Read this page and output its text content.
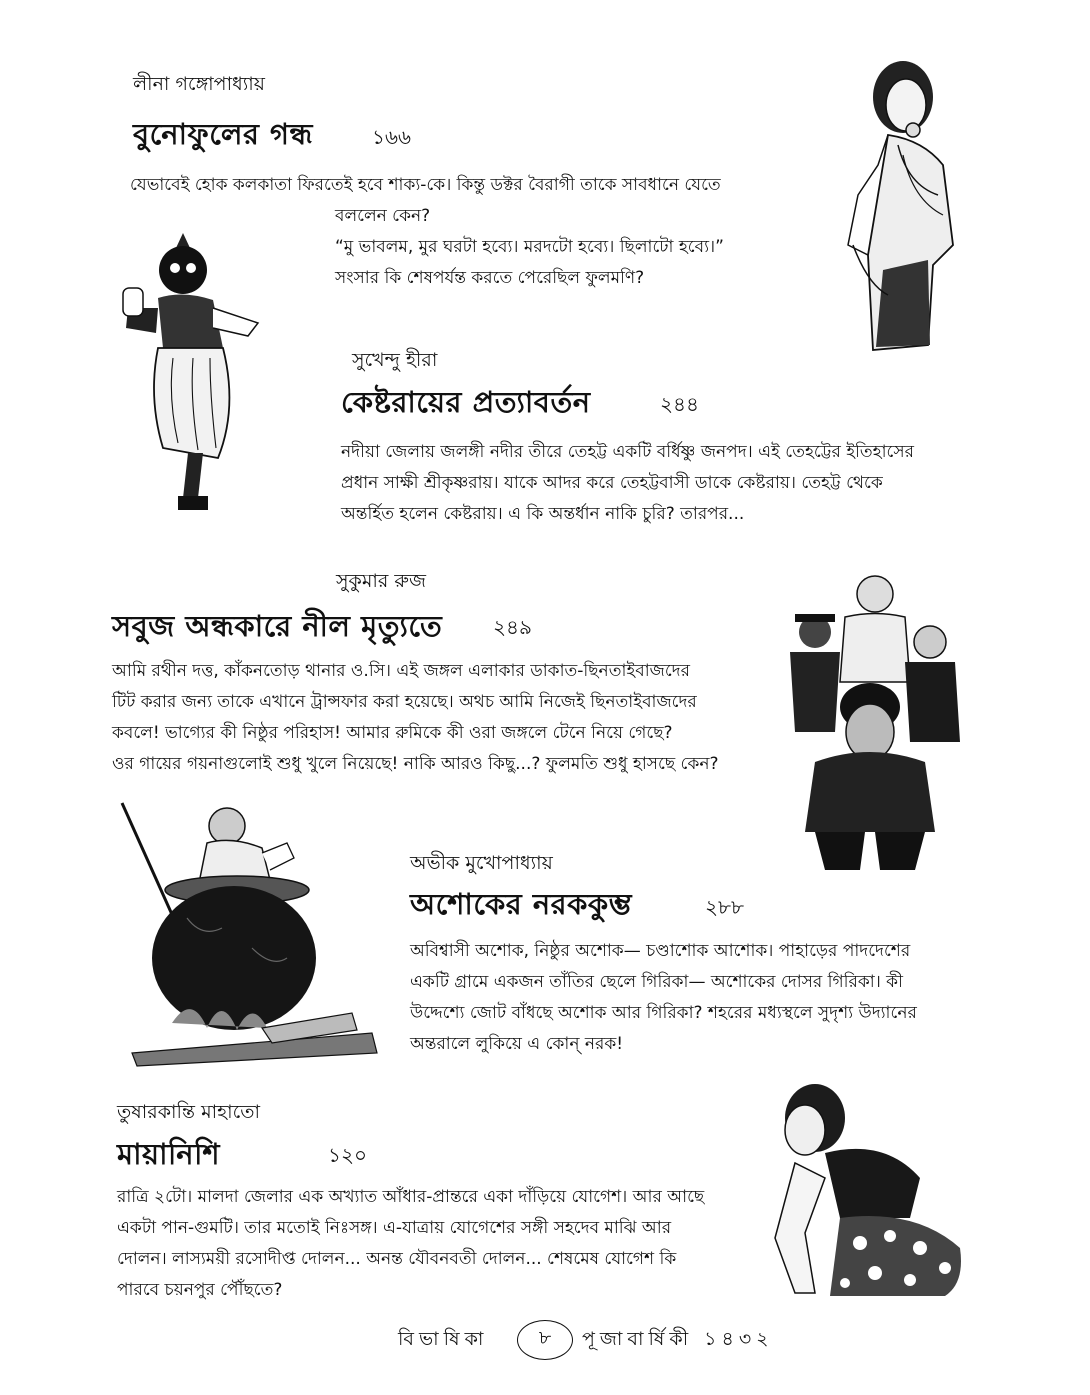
লীনা গঙ্গোপাধ্যায়
বুনোফুলের গন্ধ	১৬৬

যেভাবেই হোক কলকাতা ফিরতেই হবে শাক্য-কে। কিন্তু ডক্টর বৈরাগী তাকে সাবধানে যেতে

বললেন কেন?

“মু ভাবলম, মুর ঘরটা হব্যে। মরদটো হব্যে। ছিলাটো হব্যে।”

সংসার কি শেষপর্যন্ত করতে পেরেছিল ফুলমণি?

সুখেন্দু হীরা
কেষ্টরায়ের প্রত্যাবর্তন	২৪৪

নদীয়া জেলায় জলঙ্গী নদীর তীরে তেহট্ট একটি বর্ধিষ্ণু জনপদ। এই তেহট্টের ইতিহাসের

প্রধান সাক্ষী শ্রীকৃষ্ণরায়। যাকে আদর করে তেহট্টবাসী ডাকে কেষ্টরায়। তেহট্ট থেকে

অন্তর্হিত হলেন কেষ্টরায়। এ কি অন্তর্ধান নাকি চুরি? তারপর...

সুকুমার রুজ
সবুজ অন্ধকারে নীল মৃত্যুতে	২৪৯

আমি রথীন দত্ত, কাঁকনতোড় থানার ও.সি। এই জঙ্গল এলাকার ডাকাত-ছিনতাইবাজদের

টিট করার জন্য তাকে এখানে ট্রান্সফার করা হয়েছে। অথচ আমি নিজেই ছিনতাইবাজদের

কবলে! ভাগ্যের কী নিষ্ঠুর পরিহাস! আমার রুমিকে কী ওরা জঙ্গলে টেনে নিয়ে গেছে?

ওর গায়ের গয়নাগুলোই শুধু খুলে নিয়েছে! নাকি আরও কিছু...? ফুলমতি শুধু হাসছে কেন?

অভীক মুখোপাধ্যায়
অশোকের নরককুম্ভ	২৮৮

অবিশ্বাসী অশোক, নিষ্ঠুর অশোক— চণ্ডাশোক আশোক। পাহাড়ের পাদদেশের

একটি গ্রামে একজন তাঁতির ছেলে গিরিকা— অশোকের দোসর গিরিকা। কী

উদ্দেশ্যে জোট বাঁধছে অশোক আর গিরিকা? শহরের মধ্যস্থলে সুদৃশ্য উদ্যানের

অন্তরালে লুকিয়ে এ কোন্ নরক!

তুষারকান্তি মাহাতো
মায়ানিশি	১২০

রাত্রি ২টো। মালদা জেলার এক অখ্যাত আঁধার-প্রান্তরে একা দাঁড়িয়ে যোগেশ। আর আছে

একটা পান-গুমটি। তার মতোই নিঃসঙ্গ। এ-যাত্রায় যোগেশের সঙ্গী সহদেব মাঝি আর

দোলন। লাস্যময়ী রসোদীপ্ত দোলন... অনন্ত যৌবনবতী দোলন... শেষমেষ যোগেশ কি

পারবে চয়নপুর পৌঁছতে?

বিভাষিকা	৮ পূজাবার্ষিকী ১৪৩২
